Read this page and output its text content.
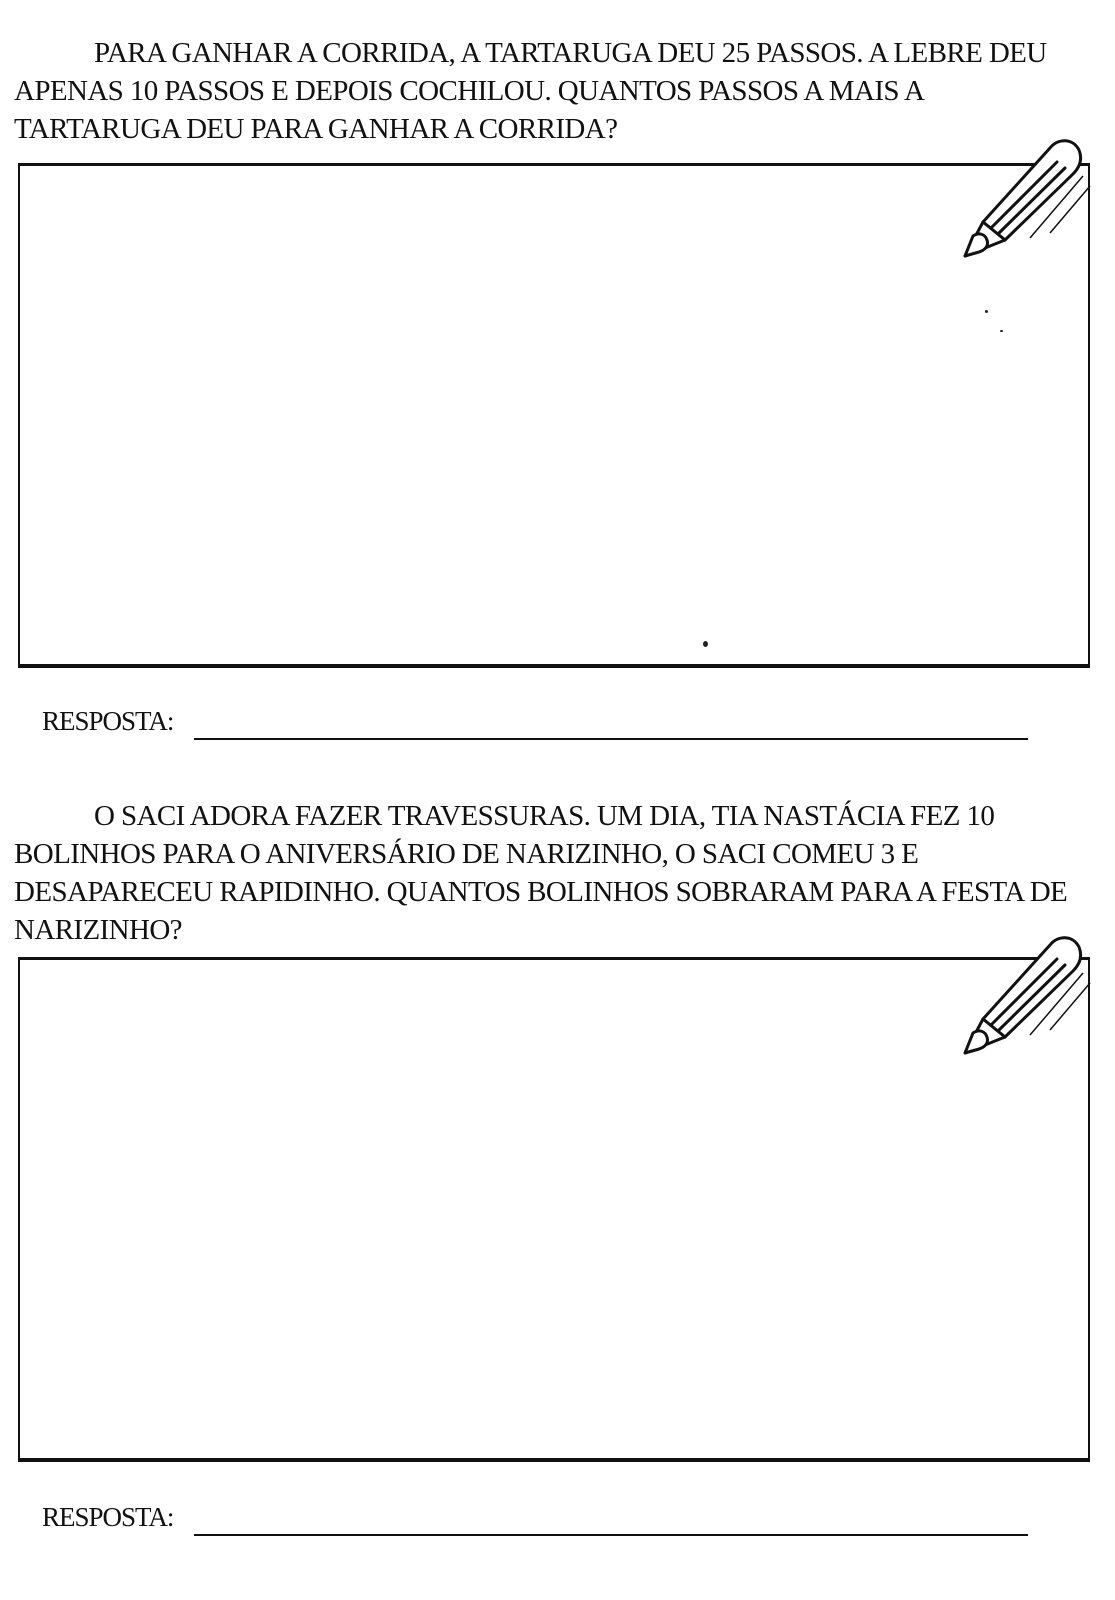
PARA GANHAR A CORRIDA, A TARTARUGA DEU 25 PASSOS. A LEBRE DEU APENAS 10 PASSOS E DEPOIS COCHILOU. QUANTOS PASSOS A MAIS A TARTARUGA DEU PARA GANHAR A CORRIDA?

RESPOSTA:

O SACI ADORA FAZER TRAVESSURAS. UM DIA, TIA NASTÁCIA FEZ 10 BOLINHOS PARA O ANIVERSÁRIO DE NARIZINHO, O SACI COMEU 3 E DESAPARECEU RAPIDINHO. QUANTOS BOLINHOS SOBRARAM PARA A FESTA DE NARIZINHO?

RESPOSTA:
